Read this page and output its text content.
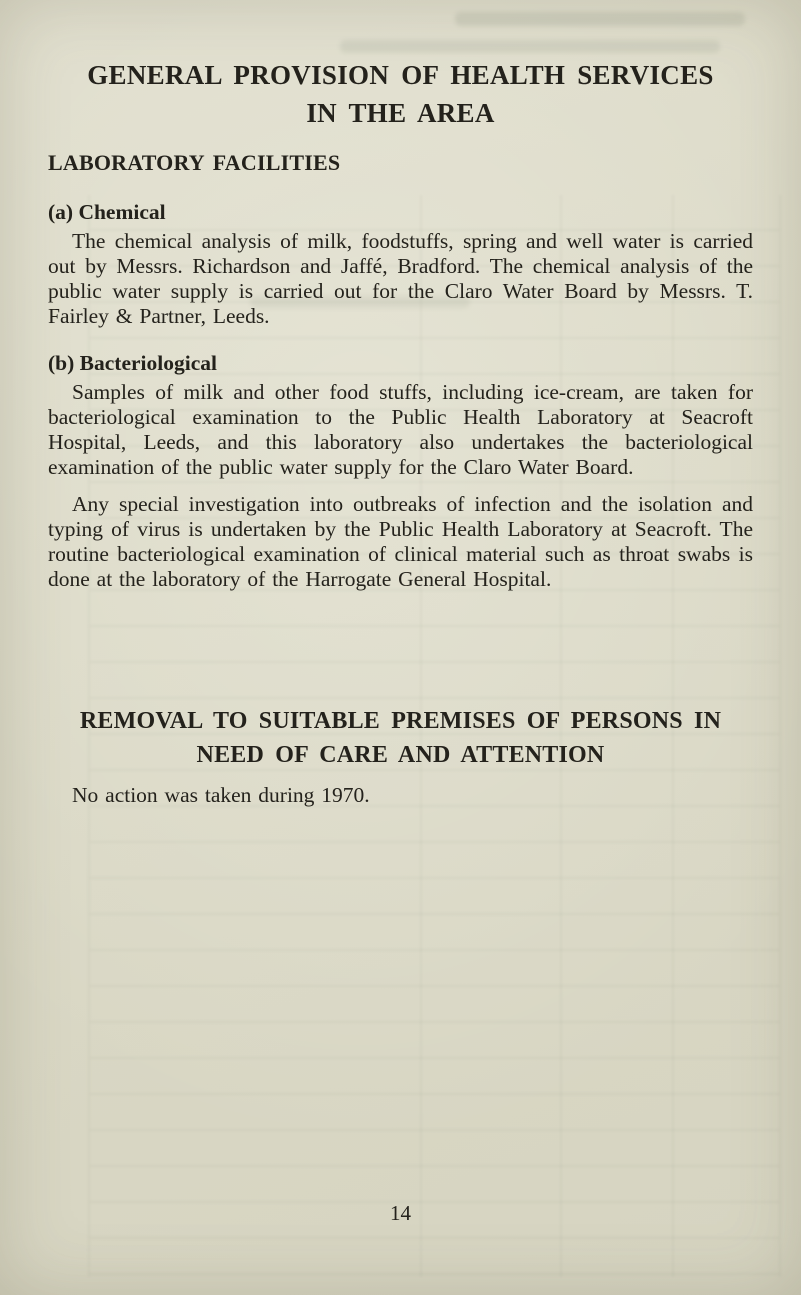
GENERAL PROVISION OF HEALTH SERVICES
IN THE AREA
LABORATORY FACILITIES
(a) Chemical

The chemical analysis of milk, foodstuffs, spring and well water is carried out by Messrs. Richardson and Jaffé, Bradford. The chemical analysis of the public water supply is carried out for the Claro Water Board by Messrs. T. Fairley & Partner, Leeds.

(b) Bacteriological

Samples of milk and other food stuffs, including ice-cream, are taken for bacteriological examination to the Public Health Laboratory at Seacroft Hospital, Leeds, and this laboratory also undertakes the bacteriological examination of the public water supply for the Claro Water Board.

Any special investigation into outbreaks of infection and the isolation and typing of virus is undertaken by the Public Health Laboratory at Seacroft. The routine bacteriological examination of clinical material such as throat swabs is done at the laboratory of the Harrogate General Hospital.

REMOVAL TO SUITABLE PREMISES OF PERSONS IN
NEED OF CARE AND ATTENTION

No action was taken during 1970.

14
